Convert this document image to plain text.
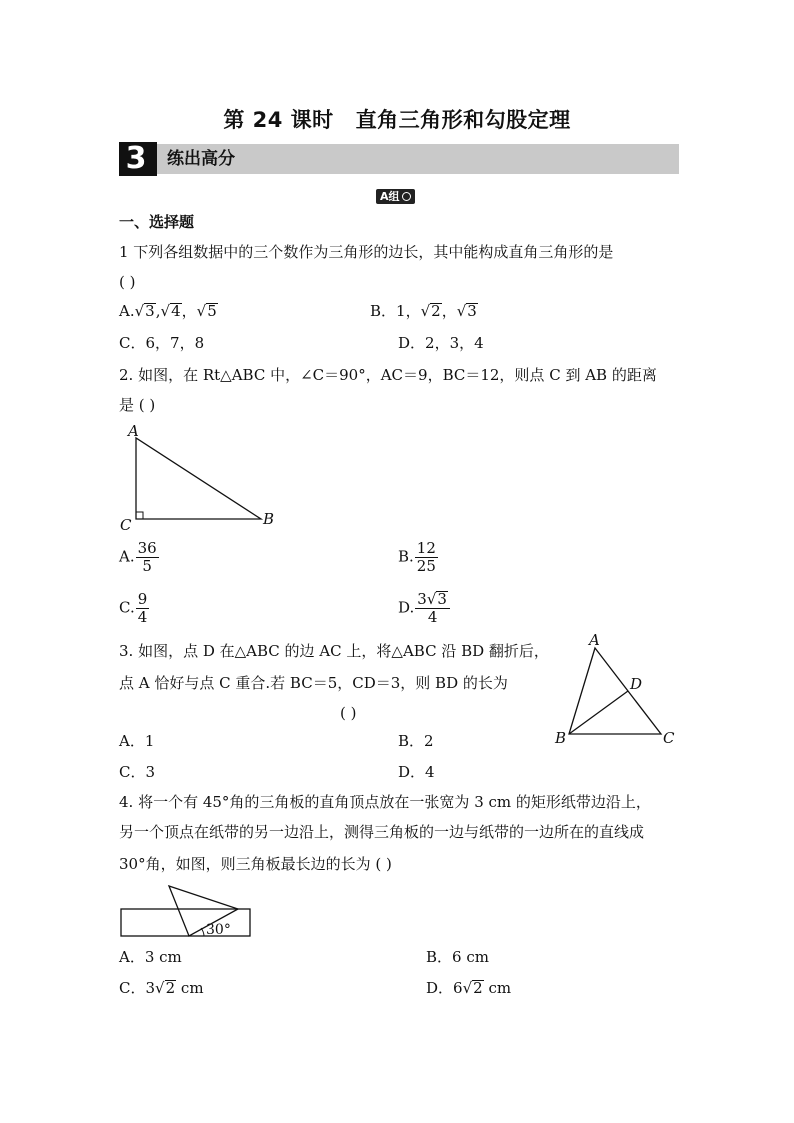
第 24 课时 直角三角形和勾股定理
3	练出高分
A组
一、选择题
1 下列各组数据中的三个数作为三角形的边长，其中能构成直角三角形的是
( )
A.√3,√4，√5	B．1，√2，√3
C．6，7，8	D．2，3，4
2. 如图，在 Rt△ABC 中，∠C＝90°，AC＝9，BC＝12，则点 C 到 AB 的距离
是 ( )
A
C	B
A. $\frac{36}{5}$	B. $\frac{12}{25}$
C. $\frac{9}{4}$	D. $\frac{3√3}{4}$
3. 如图，点 D 在△ABC 的边 AC 上，将△ABC 沿 BD 翻折后，
点 A 恰好与点 C 重合.若 BC＝5，CD＝3，则 BD 的长为
( )
A
D
B	C
A．1	B．2
C．3	D．4
4. 将一个有 45°角的三角板的直角顶点放在一张宽为 3 cm 的矩形纸带边沿上，
另一个顶点在纸带的另一边沿上，测得三角板的一边与纸带的一边所在的直线成
30°角，如图，则三角板最长边的长为 ( )
30°
A．3 cm	B．6 cm
C．3√2 cm	D．6√2 cm
